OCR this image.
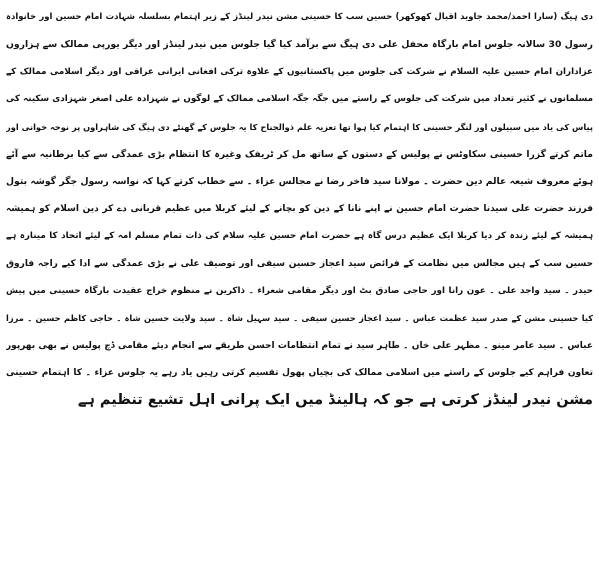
دی ہیگ (سارا احمد/محمد جاوید اقبال کھوکھر) حسین سب کا حسینی مشن نیدر لینڈز کے زیر اہتمام بسلسلہ شہادت امام حسین اور خانوادہ
رسول 30 سالانہ جلوس امام بارگاہ محفل علی دی ہیگ سے برآمد کیا گیا جلوس میں نیدر لینڈز اور دیگر یورپی ممالک سے ہزاروں
عزاداران امام حسین علیہ السلام نے شرکت کی جلوس میں پاکستانیوں کے علاوہ ترکی افغانی ایرانی عراقی اور دیگر اسلامی ممالک کے
مسلمانوں نے کثیر تعداد میں شرکت کی جلوس کے راستے میں جگہ جگہ اسلامی ممالک کے لوگوں نے شہزادہ علی اصغر شہزادی سکینہ کی
پیاس کی یاد میں سبیلوں اور لنگر حسینی کا اہتمام کیا ہوا تھا تعزیہ علم ذوالجناح کا یہ جلوس کے گھنٹے دی ہیگ کی شاہراوں پر نوحہ خوانی اور
ماتم کرتے گزرا حسینی سکاوٹس نے پولیس کے دستوں کے ساتھ مل کر ٹریفک وغیرہ کا انتظام بڑی عمدگی سے کیا برطانیہ سے آئے
ہوئے معروف شیعہ عالم دین حضرت ۔ مولانا سید فاخر رضا نے مجالس عزاء ۔ سے خطاب کرتے کہا کہ نواسہ رسول جگر گوشہ بتول
فرزند حضرت علی سیدنا حضرت امام حسین نے اپنے نانا کے دین کو بچانے کے لیئے کربلا میں عظیم قربانی دے کر دین اسلام کو ہمیشہ
ہمیشہ کے لیئے زندہ کر دیا کربلا ایک عظیم درس گاہ ہے حضرت امام حسین علیہ سلام کی ذات تمام مسلم امہ کے لیئے اتحاد کا مینارہ ہے
حسین سب کے ہیں مجالس میں نظامت کے فرائض سید اعجاز حسین سیفی اور توصیف علی نے بڑی عمدگی سے ادا کیے راجہ فاروق
حیدر ۔ سید واجد علی ۔ عون رانا اور حاجی صادق بٹ اور دیگر مقامی شعراء ۔ ذاکرین نے منظوم خراج عقیدت بارگاہ حسینی میں پیش
کیا حسینی مشن کے صدر سید عظمت عباس ۔ سید اعجاز حسین سیفی ۔ سید سہیل شاہ ۔ سید ولایت حسین شاہ ۔ حاجی کاظم حسین ۔ مرزا
عباس ۔ سید عامر مینو ۔ مظہر علی خاں ۔ طاہر سید نے تمام انتظامات احسن طریقے سے انجام دیئے مقامی ڈچ پولیس نے بھی بھرپور
تعاون فراہم کیے جلوس کے راستے میں اسلامی ممالک کی بچیاں پھول تقسیم کرتی رہیں یاد رہے یہ جلوس عزاء ۔ کا اہتمام حسینی
مشن نیدر لینڈز کرتی ہے جو کہ ہالینڈ میں ایک پرانی اہل تشیع تنظیم ہے
